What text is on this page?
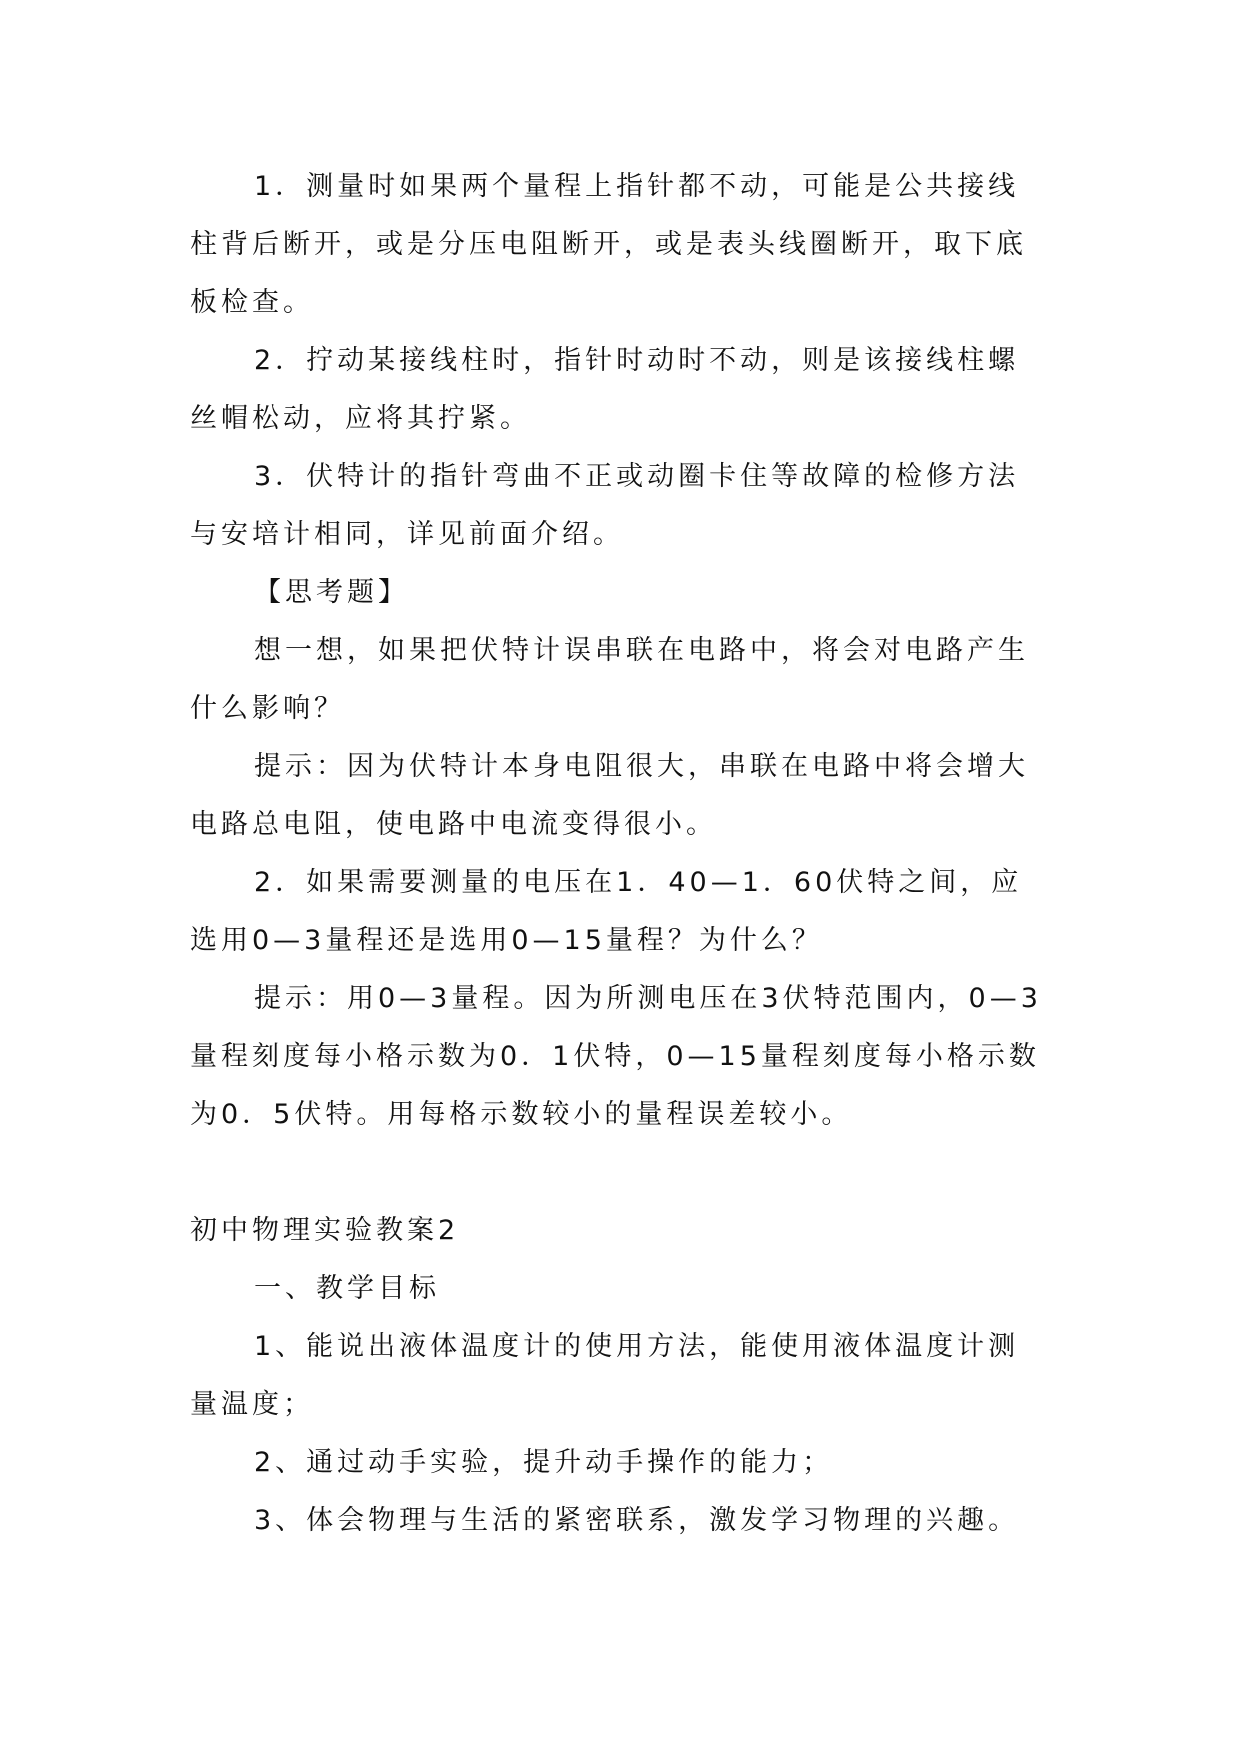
1．测量时如果两个量程上指针都不动，可能是公共接线柱背后断开，或是分压电阻断开，或是表头线圈断开，取下底板检查。

2．拧动某接线柱时，指针时动时不动，则是该接线柱螺丝帽松动，应将其拧紧。

3．伏特计的指针弯曲不正或动圈卡住等故障的检修方法与安培计相同，详见前面介绍。

【思考题】

想一想，如果把伏特计误串联在电路中，将会对电路产生什么影响？

提示：因为伏特计本身电阻很大，串联在电路中将会增大电路总电阻，使电路中电流变得很小。

2．如果需要测量的电压在1．40—1．60伏特之间，应选用0—3量程还是选用0—15量程？为什么？

提示：用0—3量程。因为所测电压在3伏特范围内，0—3量程刻度每小格示数为0．1伏特，0—15量程刻度每小格示数为0．5伏特。用每格示数较小的量程误差较小。

初中物理实验教案2

一、教学目标

1、能说出液体温度计的使用方法，能使用液体温度计测量温度；

2、通过动手实验，提升动手操作的能力；

3、体会物理与生活的紧密联系，激发学习物理的兴趣。
